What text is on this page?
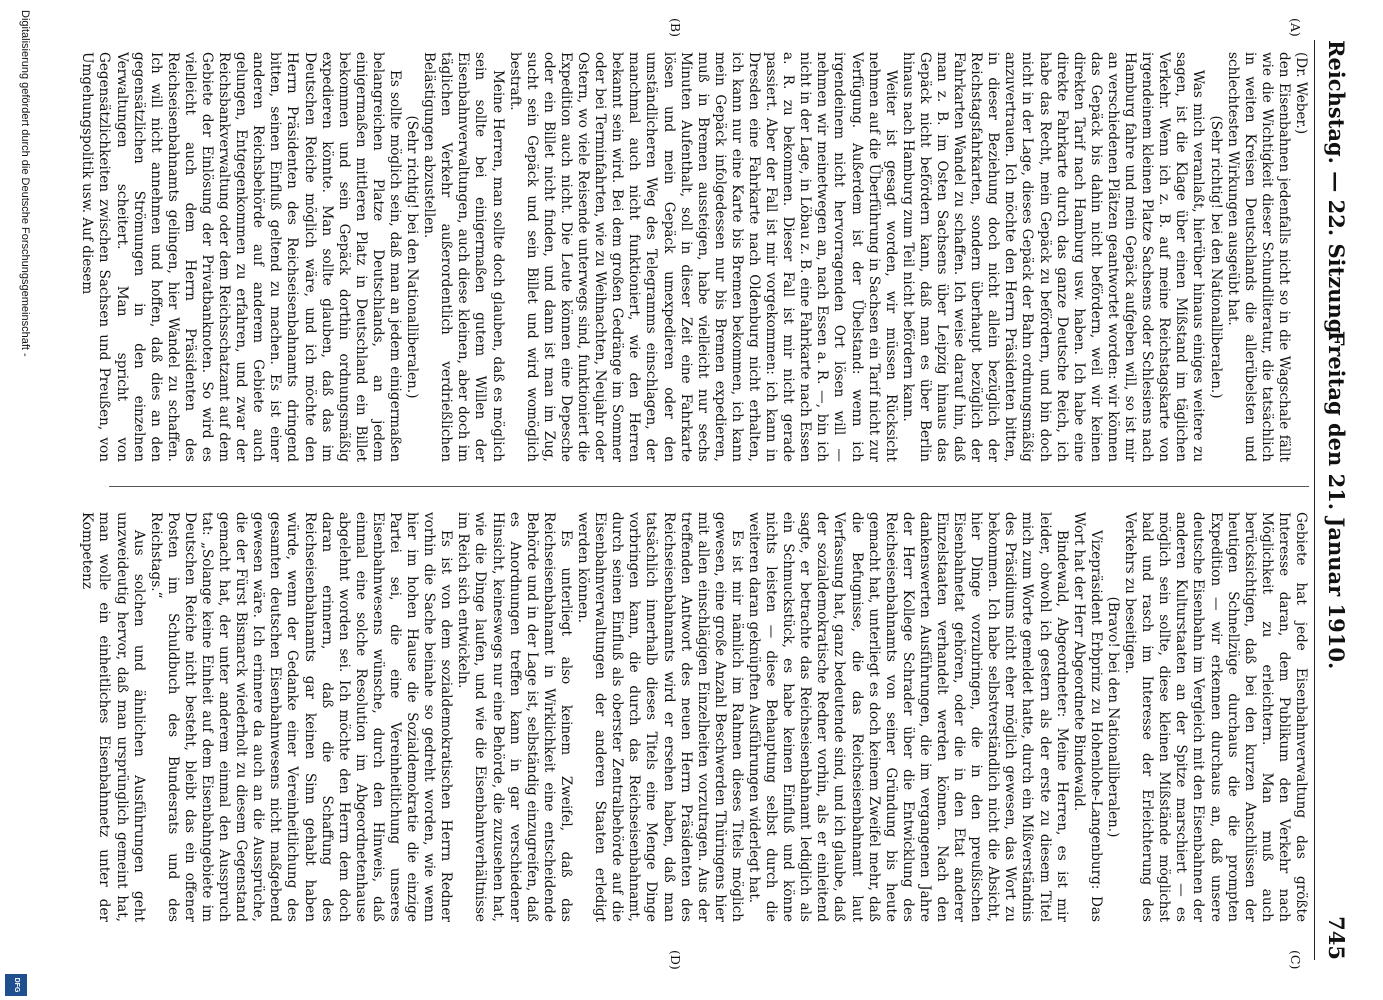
Reichstag. — 22. Sitzung.
Freitag den 21. Januar 1910.
745
(A)
(B)
(C)
(D)

(Dr. Weber.)

den Eisenbahnen jedenfalls nicht so in die Wagschale fällt wie die Wichtigkeit dieser Schundliteratur, die tatsächlich in weiten Kreisen Deutschlands die allerübelsten und schlechtesten Wirkungen ausgeübt hat.

(Sehr richtig! bei den Nationalliberalen.)

Was mich veranlaßt, hierüber hinaus einiges weitere zu sagen, ist die Klage über einen Mißstand im täglichen Verkehr. Wenn ich z. B. auf meine Reichstagskarte von irgendeinem kleinen Platze Sachsens oder Schlesiens nach Hamburg fahre und mein Gepäck aufgeben will, so ist mir an verschiedenen Plätzen geantwortet worden: wir können das Gepäck bis dahin nicht befördern, weil wir keinen direkten Tarif nach Hamburg usw. haben. Ich habe eine direkte Fahrkarte durch das ganze Deutsche Reich, ich habe das Recht, mein Gepäck zu befördern, und bin doch nicht in der Lage, dieses Gepäck der Bahn ordnungsmäßig anzuvertrauen. Ich möchte den Herrn Präsidenten bitten, in dieser Beziehung doch nicht allein bezüglich der Reichstagsfahrkarten, sondern überhaupt bezüglich der Fahrkarten Wandel zu schaffen. Ich weise darauf hin, daß man z. B. im Osten Sachsens über Leipzig hinaus das Gepäck nicht befördern kann, daß man es über Berlin hinaus nach Hamburg zum Teil nicht befördern kann.

Weiter ist gesagt worden, wir müssen Rücksicht nehmen auf die Überführung in Sachsen ein Tarif nicht zur Verfügung. Außerdem ist der Übelstand: wenn ich irgendeinem nicht hervorragenden Ort lösen will — nehmen wir meinetwegen an, nach Essen a. R. —, bin ich nicht in der Lage, in Löbau z. B. eine Fahrkarte nach Essen a. R. zu bekommen. Dieser Fall ist mir nicht gerade passiert. Aber der Fall ist mir vorgekommen: ich kann in Dresden eine Fahrkarte nach Oldenburg nicht erhalten, ich kann nur eine Karte bis Bremen bekommen, ich kann mein Gepäck infolgedessen nur bis Bremen expedieren, muß in Bremen aussteigen, habe vielleicht nur sechs Minuten Aufenthalt, soll in dieser Zeit eine Fahrkarte lösen und mein Gepäck umexpedieren oder den umständlicheren Weg des Telegramms einschlagen, der manchmal auch nicht funktioniert, wie den Herren bekannt sein wird. Bei dem großen Gedränge im Sommer oder bei Terminfahrten, wie zu Weihnachten, Neujahr oder Ostern, wo viele Reisende unterwegs sind, funktioniert die Expedition auch nicht. Die Leute können eine Depesche oder ein Billet nicht finden, und dann ist man im Zug, sucht sein Gepäck und sein Billet und wird womöglich bestraft.

Meine Herren, man sollte doch glauben, daß es möglich sein sollte bei einigermaßen gutem Willen der Eisenbahnverwaltungen, auch diese kleinen, aber doch im täglichen Verkehr außerordentlich verdrießlichen Belästigungen abzustellen.

(Sehr richtig! bei den Nationalliberalen.)

Es sollte möglich sein, daß man an jedem einigermaßen belangreichen Platze Deutschlands, an jedem einigermaßen mittleren Platz in Deutschland ein Billet bekommen und sein Gepäck dorthin ordnungsmäßig expedieren könnte. Man sollte glauben, daß das im Deutschen Reiche möglich wäre, und ich möchte den Herrn Präsidenten des Reichseisenbahnamts dringend bitten, seinen Einfluß geltend zu machen. Es ist einer anderen Reichsbehörde auf anderem Gebiete auch gelungen, Entgegenkommen zu erfahren, und zwar der Reichsbankverwaltung oder dem Reichsschatzamt auf dem Gebiete der Einlösung der Privatbanknoten. So wird es vielleicht auch dem Herrn Präsidenten des Reichseisenbahnamts gelingen, hier Wandel zu schaffen. Ich will nicht annehmen und hoffen, daß dies an den gegensätzlichen Strömungen in den einzelnen Verwaltungen scheitert. Man spricht von Gegensätzlichkeiten zwischen Sachsen und Preußen, von Umgehungspolitik usw. Auf diesem

Gebiete hat jede Eisenbahnverwaltung das größte Interesse daran, dem Publikum den Verkehr nach Möglichkeit zu erleichtern. Man muß auch berücksichtigen, daß bei den kurzen Anschlüssen der heutigen Schnellzüge durchaus die die prompten Expedition — wir erkennen durchaus an, daß unsere deutsche Eisenbahn im Vergleich mit den Eisenbahnen der anderen Kulturstaaten an der Spitze marschiert — es möglich sein sollte, diese kleinen Mißstände möglichst bald und rasch im Interesse der Erleichterung des Verkehrs zu beseitigen.

(Bravo! bei den Nationalliberalen.)

Vizepräsident Erbprinz zu Hohenlohe-Langenburg: Das Wort hat der Herr Abgeordnete Bindewald.

Bindewald, Abgeordneter: Meine Herren, es ist mir leider, obwohl ich gestern als der erste zu diesem Titel mich zum Worte gemeldet hatte, durch ein Mißverständnis des Präsidiums nicht eher möglich gewesen, das Wort zu bekommen. Ich habe selbstverständlich nicht die Absicht, hier Dinge vorzubringen, die in den preußischen Eisenbahnetat gehören, oder die in den Etat anderer Einzelstaaten verhandelt werden können. Nach den dankenswerten Ausführungen, die im vergangenen Jahre der Herr Kollege Schrader über die Entwicklung des Reichseisenbahnamts von seiner Gründung bis heute gemacht hat, unterliegt es doch keinem Zweifel mehr, daß die Befugnisse, die das Reichseisenbahnamt laut Verfassung hat, ganz bedeutende sind, und ich glaube, daß der sozialdemokratische Redner vorhin, als er einleitend sagte, er betrachte das Reichseisenbahnamt lediglich als ein Schmuckstück, es habe keinen Einfluß und könne nichts leisten — diese Behauptung selbst durch die weiteren daran geknüpften Ausführungen widerlegt hat.

Es ist mir nämlich im Rahmen dieses Titels möglich gewesen, eine große Anzahl Beschwerden Thüringens hier mit allen einschlägigen Einzelheiten vorzutragen. Aus der treffenden Antwort des neuen Herrn Präsidenten des Reichseisenbahnamts wird er ersehen haben, daß man tatsächlich innerhalb dieses Titels eine Menge Dinge vorbringen kann, die durch das Reichseisenbahnamt, durch seinen Einfluß als oberster Zentralbehörde auf die Eisenbahnverwaltungen der anderen Staaten erledigt werden können.

Es unterliegt also keinem Zweifel, daß das Reichseisenbahnamt in Wirklichkeit eine entscheidende Behörde und in der Lage ist, selbständig einzugreifen, daß es Anordnungen treffen kann in gar verschiedener Hinsicht, keineswegs nur eine Behörde, die zuzusehen hat, wie die Dinge laufen, und wie die Eisenbahnverhältnisse im Reich sich entwickeln.

Es ist von dem sozialdemokratischen Herrn Redner vorhin die Sache beinahe so gedreht worden, wie wenn hier im hohen Hause die Sozialdemokratie die einzige Partei sei, die eine Vereinheitlichung unseres Eisenbahnwesens wünsche, durch den Hinweis, daß einmal eine solche Resolution im Abgeordnetenhause abgelehnt worden sei. Ich möchte den Herrn dem doch daran erinnern, daß die Schaffung des Reichseisenbahnamts gar keinen Sinn gehabt haben würde, wenn der Gedanke einer Vereinheitlichung des gesamten deutschen Eisenbahnwesens nicht maßgebend gewesen wäre. Ich erinnere da auch an die Aussprüche, die der Fürst Bismarck wiederholt zu diesem Gegenstand gemacht hat, der unter anderem einmal den Ausspruch tat: „Solange keine Einheit auf dem Eisenbahngebiete im Deutschen Reiche nicht besteht, bleibt das ein offener Posten im Schuldbuch des Bundesrats und des Reichstags.“

Aus solchen und ähnlichen Ausführungen geht unzweideutig hervor, daß man ursprünglich gemeint hat, man wolle ein einheitliches Eisenbahnnetz unter der Kompetenz

Digitalisierung gefördert durch die Deutsche Forschungsgemeinschaft -
DFG
